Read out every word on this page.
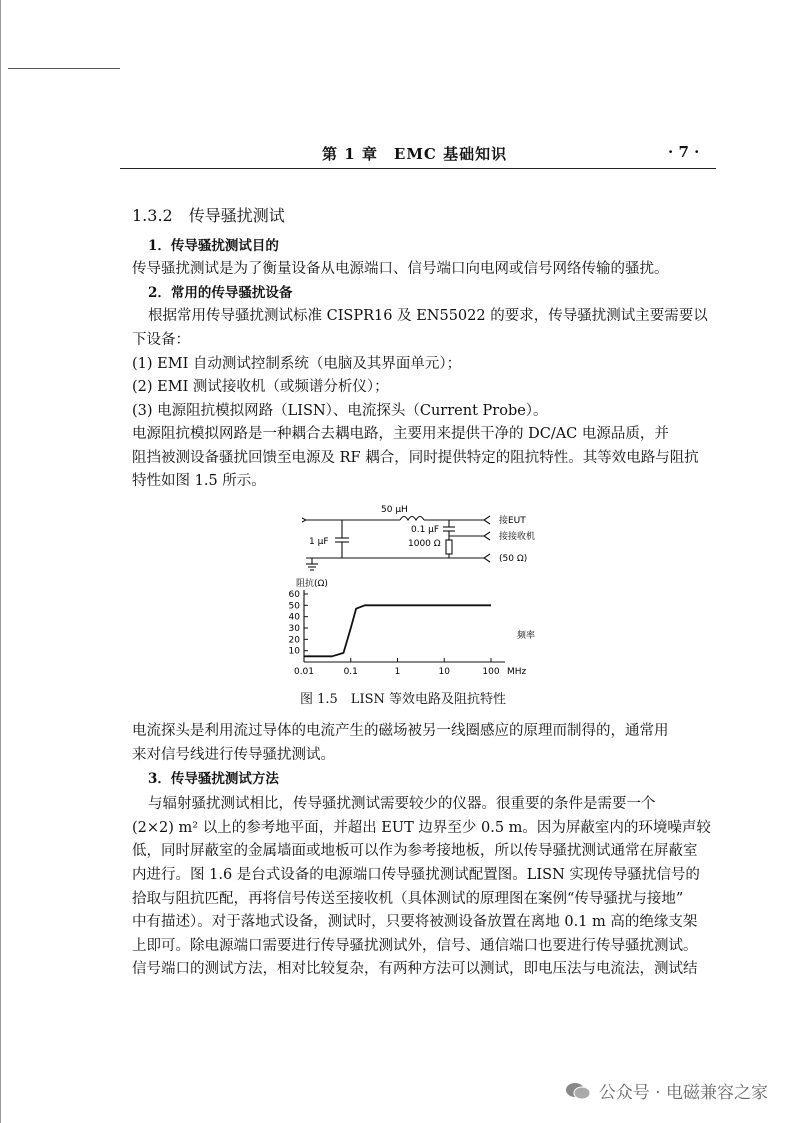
第 1 章　EMC 基础知识	· 7 ·
1.3.2　传导骚扰测试
1．传导骚扰测试目的
传导骚扰测试是为了衡量设备从电源端口、信号端口向电网或信号网络传输的骚扰。
2．常用的传导骚扰设备
根据常用传导骚扰测试标准 CISPR16 及 EN55022 的要求，传导骚扰测试主要需要以
下设备：
(1) EMI 自动测试控制系统（电脑及其界面单元）；
(2) EMI 测试接收机（或频谱分析仪）；
(3) 电源阻抗模拟网路（LISN）、电流探头（Current Probe）。
电源阻抗模拟网路是一种耦合去耦电路，主要用来提供干净的 DC/AC 电源品质，并
阻挡被测设备骚扰回馈至电源及 RF 耦合，同时提供特定的阻抗特性。其等效电路与阻抗
特性如图 1.5 所示。
50 μH
1 μF
0.1 μF
1000 Ω
接EUT
接接收机
(50 Ω)
0.01	0.1	1	10	100
10
20
30
40
50
60
MHz
频率
阻抗(Ω)
图 1.5　LISN 等效电路及阻抗特性
电流探头是利用流过导体的电流产生的磁场被另一线圈感应的原理而制得的，通常用
来对信号线进行传导骚扰测试。
3．传导骚扰测试方法
与辐射骚扰测试相比，传导骚扰测试需要较少的仪器。很重要的条件是需要一个
(2×2) m² 以上的参考地平面，并超出 EUT 边界至少 0.5 m。因为屏蔽室内的环境噪声较
低，同时屏蔽室的金属墙面或地板可以作为参考接地板，所以传导骚扰测试通常在屏蔽室
内进行。图 1.6 是台式设备的电源端口传导骚扰测试配置图。LISN 实现传导骚扰信号的
拾取与阻抗匹配，再将信号传送至接收机（具体测试的原理图在案例“传导骚扰与接地”
中有描述）。对于落地式设备，测试时，只要将被测设备放置在离地 0.1 m 高的绝缘支架
上即可。除电源端口需要进行传导骚扰测试外，信号、通信端口也要进行传导骚扰测试。
信号端口的测试方法，相对比较复杂，有两种方法可以测试，即电压法与电流法，测试结
公众号 · 电磁兼容之家
